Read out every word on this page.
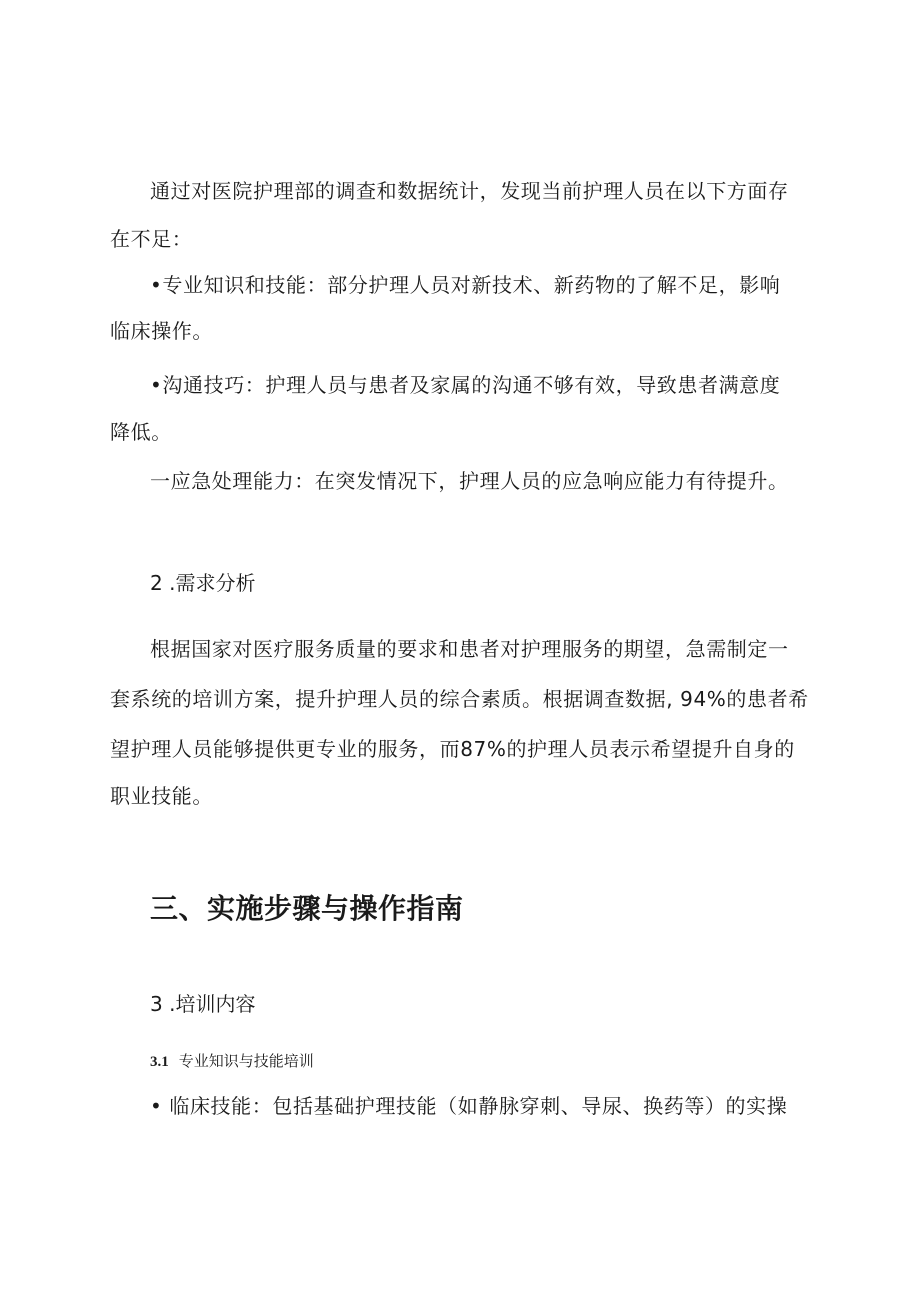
通过对医院护理部的调查和数据统计，发现当前护理人员在以下方面存

在不足：

•专业知识和技能：部分护理人员对新技术、新药物的了解不足，影响

临床操作。

•沟通技巧：护理人员与患者及家属的沟通不够有效，导致患者满意度

降低。

一应急处理能力：在突发情况下，护理人员的应急响应能力有待提升。

2 .需求分析

根据国家对医疗服务质量的要求和患者对护理服务的期望，急需制定一

套系统的培训方案，提升护理人员的综合素质。根据调查数据, 94%的患者希

望护理人员能够提供更专业的服务，而87%的护理人员表示希望提升自身的

职业技能。

三、实施步骤与操作指南

3 .培训内容

3.1 专业知识与技能培训

• 临床技能：包括基础护理技能（如静脉穿刺、导尿、换药等）的实操
